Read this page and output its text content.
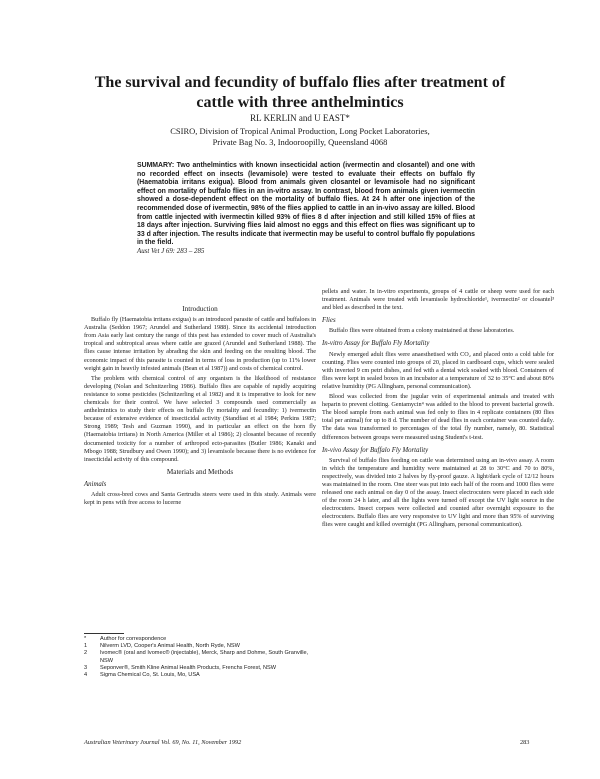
The survival and fecundity of buffalo flies after treatment of cattle with three anthelmintics
RL KERLIN and U EAST*
CSIRO, Division of Tropical Animal Production, Long Pocket Laboratories,
Private Bag No. 3, Indooroopilly, Queensland 4068
SUMMARY: Two anthelmintics with known insecticidal action (ivermectin and closantel) and one with no recorded effect on insects (levamisole) were tested to evaluate their effects on buffalo fly (Haematobia irritans exigua). Blood from animals given closantel or levamisole had no significant effect on mortality of buffalo flies in an in-vitro assay. In contrast, blood from animals given ivermectin showed a dose-dependent effect on the mortality of buffalo flies. At 24 h after one injection of the recommended dose of ivermectin, 98% of the flies applied to cattle in an in-vivo assay are killed. Blood from cattle injected with ivermectin killed 93% of flies 8 d after injection and still killed 15% of flies at 18 days after injection. Surviving flies laid almost no eggs and this effect on flies was significant up to 33 d after injection. The results indicate that ivermectin may be useful to control buffalo fly populations in the field.
Aust Vet J 69: 283 – 285
Introduction

Buffalo fly (Haematobia irritans exigua) is an introduced parasite of cattle and buffaloes in Australia (Seddon 1967; Arundel and Sutherland 1988). Since its accidental introduction from Asia early last century the range of this pest has extended to cover much of Australia's tropical and subtropical areas where cattle are grazed (Arundel and Sutherland 1988). The flies cause intense irritation by abrading the skin and feeding on the resulting blood. The economic impact of this parasite is counted in terms of loss in production (up to 11% lower weight gain in heavily infested animals (Bean et al 1987)) and costs of chemical control.

The problem with chemical control of any organism is the likelihood of resistance developing (Nolan and Schnitzerling 1986). Buffalo flies are capable of rapidly acquiring resistance to some pesticides (Schnitzerling et al 1982) and it is imperative to look for new chemicals for their control. We have selected 3 compounds used commercially as anthelmintics to study their effects on buffalo fly mortality and fecundity: 1) ivermectin because of extensive evidence of insecticidal activity (Standfast et al 1984; Perkins 1987; Strong 1989; Tesh and Guzman 1990), and in particular an effect on the horn fly (Haematobia irritans) in North America (Miller et al 1986); 2) closantel because of recently documented toxicity for a number of arthropod ecto-parasites (Butler 1986; Kanaki and Mbogo 1988; Strudbury and Owen 1990); and 3) levamisole because there is no evidence for insecticidal activity of this compound.

Materials and Methods
Animals

Adult cross-bred cows and Santa Gertrudis steers were used in this study. Animals were kept in pens with free access to lucerne

*	Author for correspondence
1	Nilverm LVD, Cooper's Animal Health, North Ryde, NSW
2	Ivomec® (oral and Ivomec® (injectable), Merck, Sharp and Dohme, South Granville, NSW
3	Seponver®, Smith Kline Animal Health Products, Frenchs Forest, NSW
4	Sigma Chemical Co, St. Louis, Mo, USA

pellets and water. In in-vitro experiments, groups of 4 cattle or sheep were used for each treatment. Animals were treated with levamisole hydrochloride¹, ivermectin² or closantel³ and bled as described in the text.

Flies

Buffalo flies were obtained from a colony maintained at these laboratories.

In-vitro Assay for Buffalo Fly Mortality

Newly emerged adult flies were anaesthetised with CO₂ and placed onto a cold table for counting. Flies were counted into groups of 20, placed in cardboard cups, which were sealed with inverted 9 cm petri dishes, and fed with a dental wick soaked with blood. Containers of flies were kept in sealed boxes in an incubator at a temperature of 32 to 35°C and about 80% relative humidity (PG Allingham, personal communication).

Blood was collected from the jugular vein of experimental animals and treated with heparin to prevent clotting. Gentamycin⁴ was added to the blood to prevent bacterial growth. The blood sample from each animal was fed only to flies in 4 replicate containers (80 flies total per animal) for up to 8 d. The number of dead flies in each container was counted daily. The data was transformed to percentages of the total fly number, namely, 80. Statistical differences between groups were measured using Student's t-test.

In-vivo Assay for Buffalo Fly Mortality

Survival of buffalo flies feeding on cattle was determined using an in-vivo assay. A room in which the temperature and humidity were maintained at 28 to 30°C and 70 to 80%, respectively, was divided into 2 halves by fly-proof gauze. A light/dark cycle of 12/12 hours was maintained in the room. One steer was put into each half of the room and 1000 flies were released one each animal on day 0 of the assay. Insect electrocuters were placed in each side of the room 24 h later, and all the lights were turned off except the UV light source in the electrocuters. Insect corpses were collected and counted after overnight exposure to the electrocuters. Buffalo flies are very responsive to UV light and more than 95% of surviving flies were caught and killed overnight (PG Allingham, personal communication).

Australian Veterinary Journal Vol. 69, No. 11, November 1992	283
